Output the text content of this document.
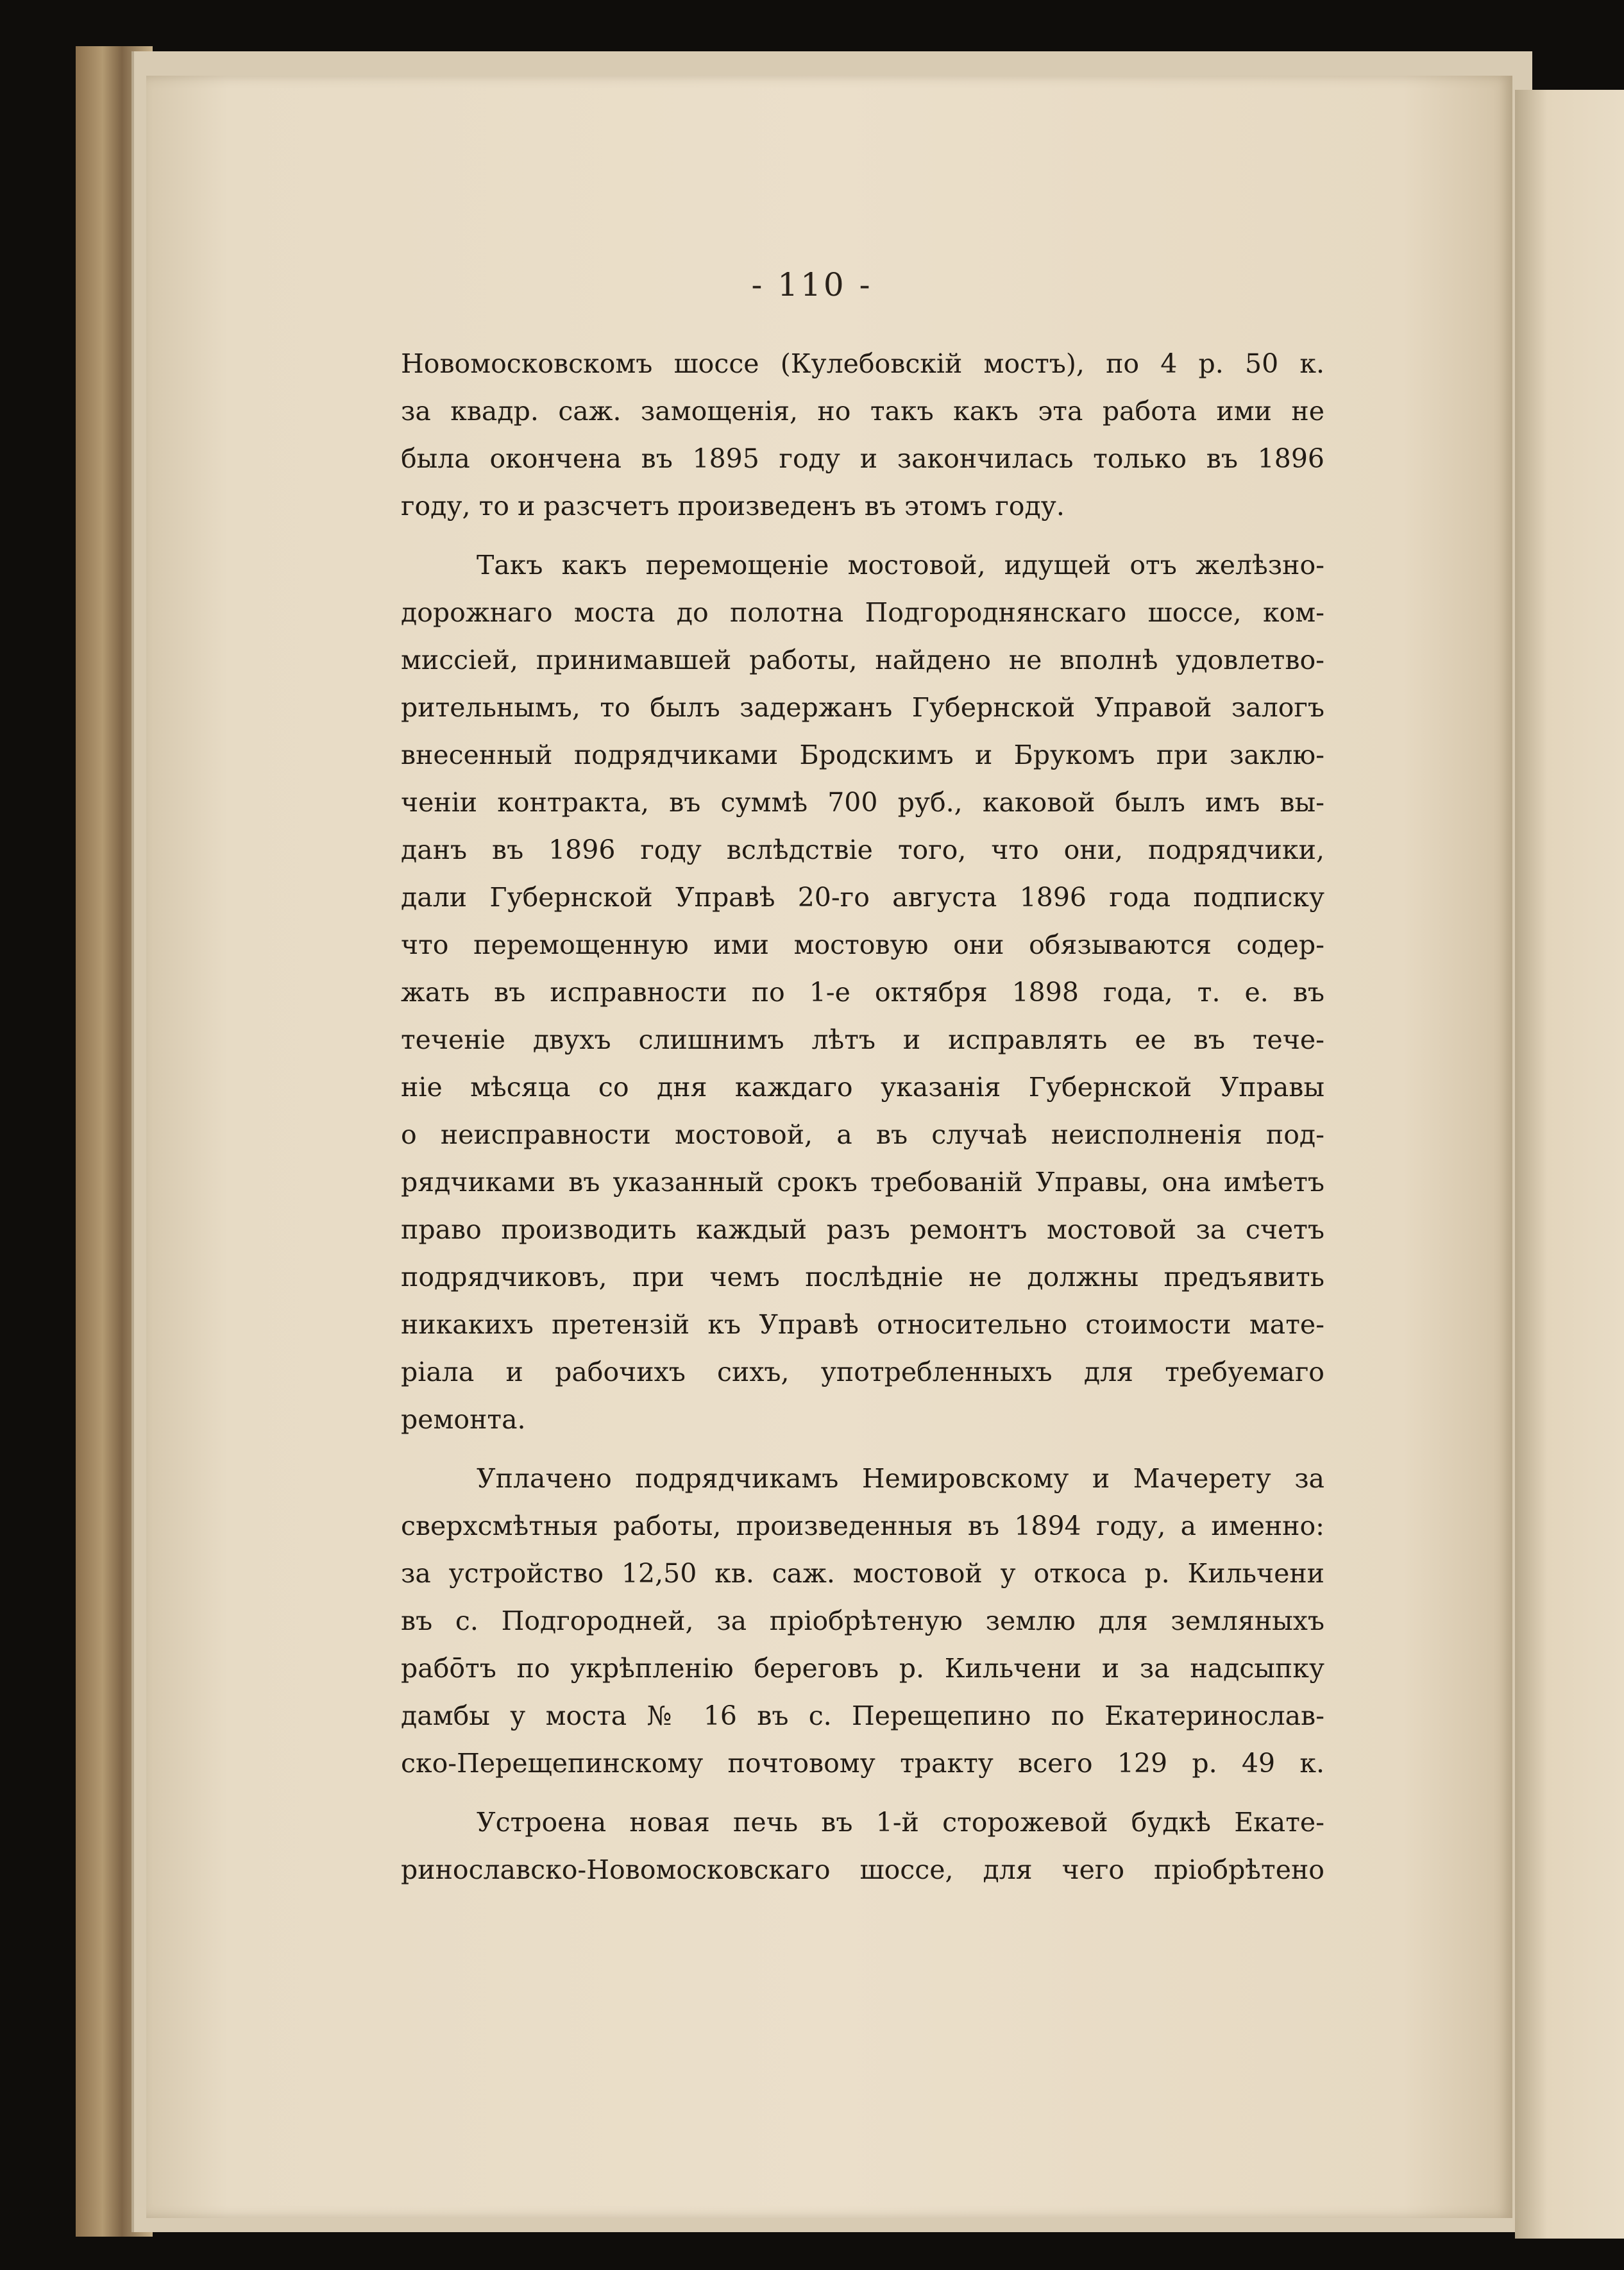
- 110 -
Новомосковскомъ шоссе (Кулебовскій мостъ), по 4 р. 50 к.
за квадр. саж. замощенія, но такъ какъ эта работа ими не
была окончена въ 1895 году и закончилась только въ 1896
году, то и разсчетъ произведенъ въ этомъ году.
Такъ какъ перемощеніе мостовой, идущей отъ желѣзно-
дорожнаго моста до полотна Подгороднянскаго шоссе, ком-
миссіей, принимавшей работы, найдено не вполнѣ удовлетво-
рительнымъ, то былъ задержанъ Губернской Управой залогъ
внесенный подрядчиками Бродскимъ и Брукомъ при заклю-
ченіи контракта, въ суммѣ 700 руб., каковой былъ имъ вы-
данъ въ 1896 году вслѣдствіе того, что они, подрядчики,
дали Губернской Управѣ 20-го августа 1896 года подписку
что перемощенную ими мостовую они обязываются содер-
жать въ исправности по 1-е октября 1898 года, т. е. въ
теченіе двухъ слишнимъ лѣтъ и исправлять ее въ тече-
ніе мѣсяца со дня каждаго указанія Губернской Управы
о неисправности мостовой, а въ случаѣ неисполненія под-
рядчиками въ указанный срокъ требованій Управы, она имѣетъ
право производить каждый разъ ремонтъ мостовой за счетъ
подрядчиковъ, при чемъ послѣдніе не должны предъявить
никакихъ претензій къ Управѣ относительно стоимости мате-
ріала и рабочихъ сихъ, употребленныхъ для требуемаго
ремонта.
Уплачено подрядчикамъ Немировскому и Мачерету за
сверхсмѣтныя работы, произведенныя въ 1894 году, а именно:
за устройство 12,50 кв. саж. мостовой у откоса р. Кильчени
въ с. Подгородней, за пріобрѣтеную землю для земляныхъ
рабōтъ по укрѣпленію береговъ р. Кильчени и за надсыпку
дамбы у моста № 16 въ с. Перещепино по Екатеринослав-
ско-Перещепинскому почтовому тракту всего 129 р. 49 к.
Устроена новая печь въ 1-й сторожевой будкѣ Екате-
ринославско-Новомосковскаго шоссе, для чего пріобрѣтено
